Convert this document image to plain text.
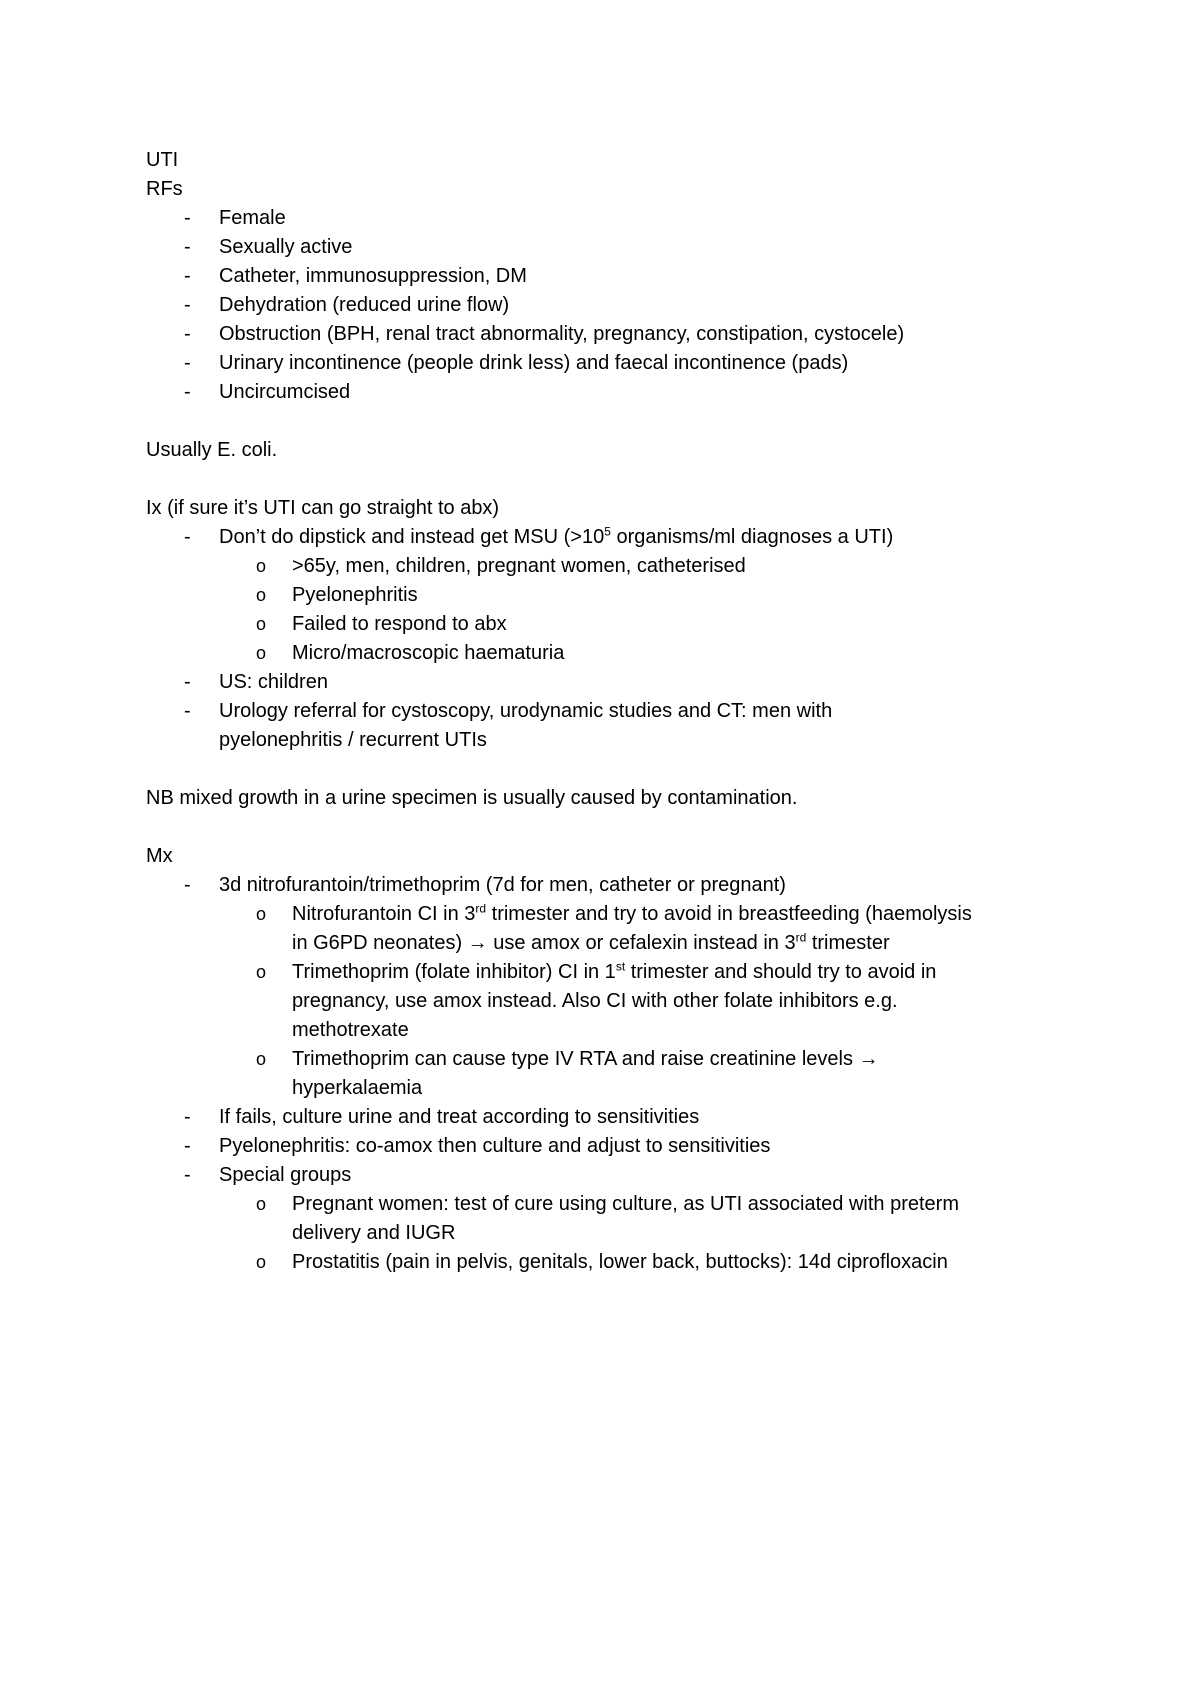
UTI
RFs
- Female
- Sexually active
- Catheter, immunosuppression, DM
- Dehydration (reduced urine flow)
- Obstruction (BPH, renal tract abnormality, pregnancy, constipation, cystocele)
- Urinary incontinence (people drink less) and faecal incontinence (pads)
- Uncircumcised
Usually E. coli.
Ix (if sure it’s UTI can go straight to abx)
- Don’t do dipstick and instead get MSU ($>10^5$ organisms/ml diagnoses a UTI)
o >65y, men, children, pregnant women, catheterised
o Pyelonephritis
o Failed to respond to abx
o Micro/macroscopic haematuria
- US: children
- Urology referral for cystoscopy, urodynamic studies and CT: men with
pyelonephritis / recurrent UTIs
NB mixed growth in a urine specimen is usually caused by contamination.
Mx
- 3d nitrofurantoin/trimethoprim (7d for men, catheter or pregnant)
o Nitrofurantoin CI in 3rd trimester and try to avoid in breastfeeding (haemolysis
in G6PD neonates) → use amox or cefalexin instead in 3rd trimester
o Trimethoprim (folate inhibitor) CI in 1st trimester and should try to avoid in
pregnancy, use amox instead. Also CI with other folate inhibitors e.g.
methotrexate
o Trimethoprim can cause type IV RTA and raise creatinine levels →
hyperkalaemia
- If fails, culture urine and treat according to sensitivities
- Pyelonephritis: co-amox then culture and adjust to sensitivities
- Special groups
o Pregnant women: test of cure using culture, as UTI associated with preterm
delivery and IUGR
o Prostatitis (pain in pelvis, genitals, lower back, buttocks): 14d ciprofloxacin
